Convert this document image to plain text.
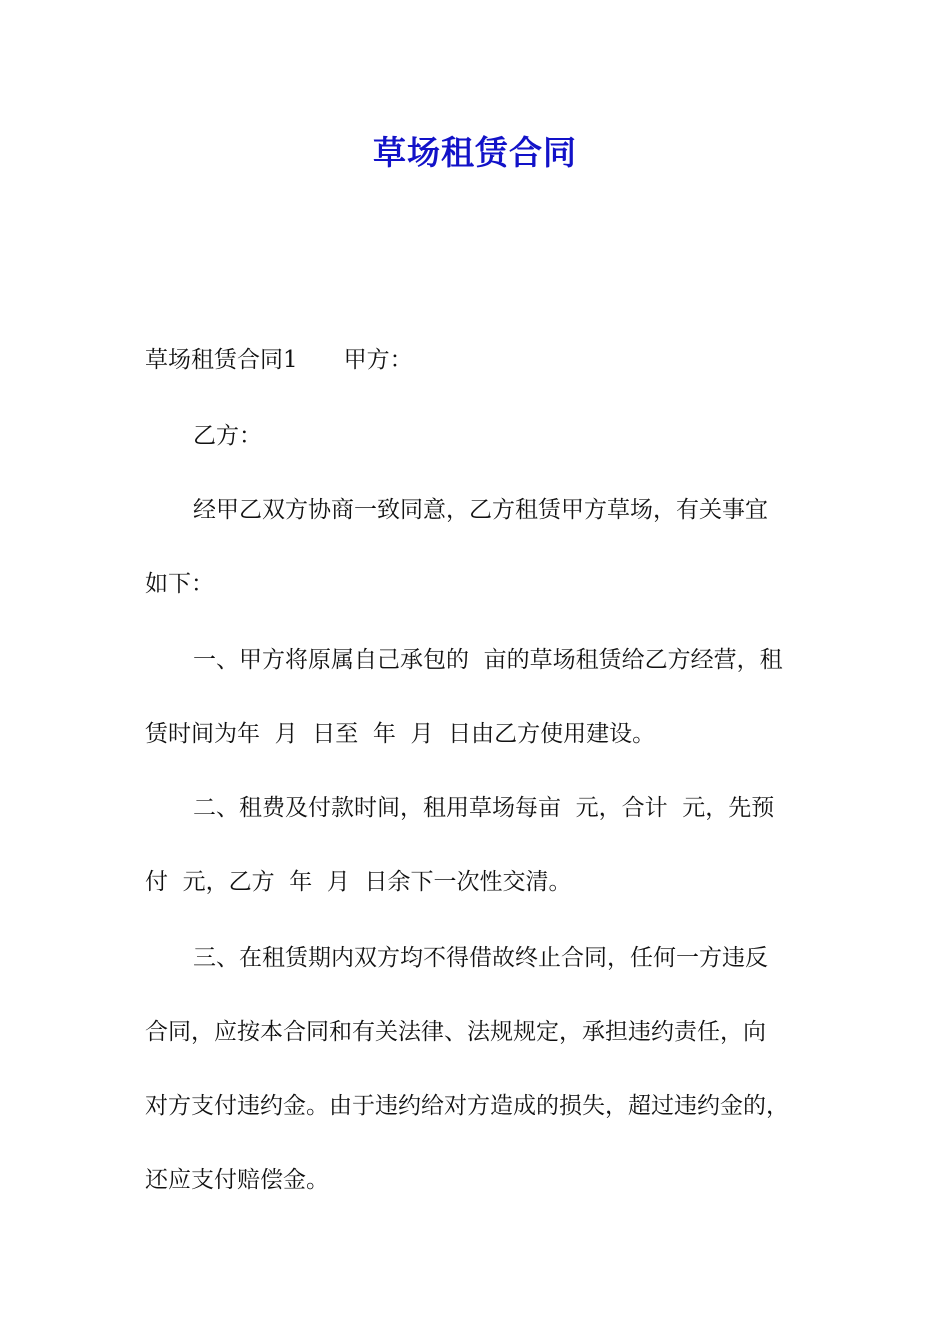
草场租赁合同
草场租赁合同1　　甲方：
乙方：
经甲乙双方协商一致同意，乙方租赁甲方草场，有关事宜
如下：
一、甲方将原属自己承包的  亩的草场租赁给乙方经营，租
赁时间为年  月  日至  年  月  日由乙方使用建设。
二、租费及付款时间，租用草场每亩  元，合计  元，先预
付  元，乙方  年  月  日余下一次性交清。
三、在租赁期内双方均不得借故终止合同，任何一方违反
合同，应按本合同和有关法律、法规规定，承担违约责任，向
对方支付违约金。由于违约给对方造成的损失，超过违约金的，
还应支付赔偿金。
